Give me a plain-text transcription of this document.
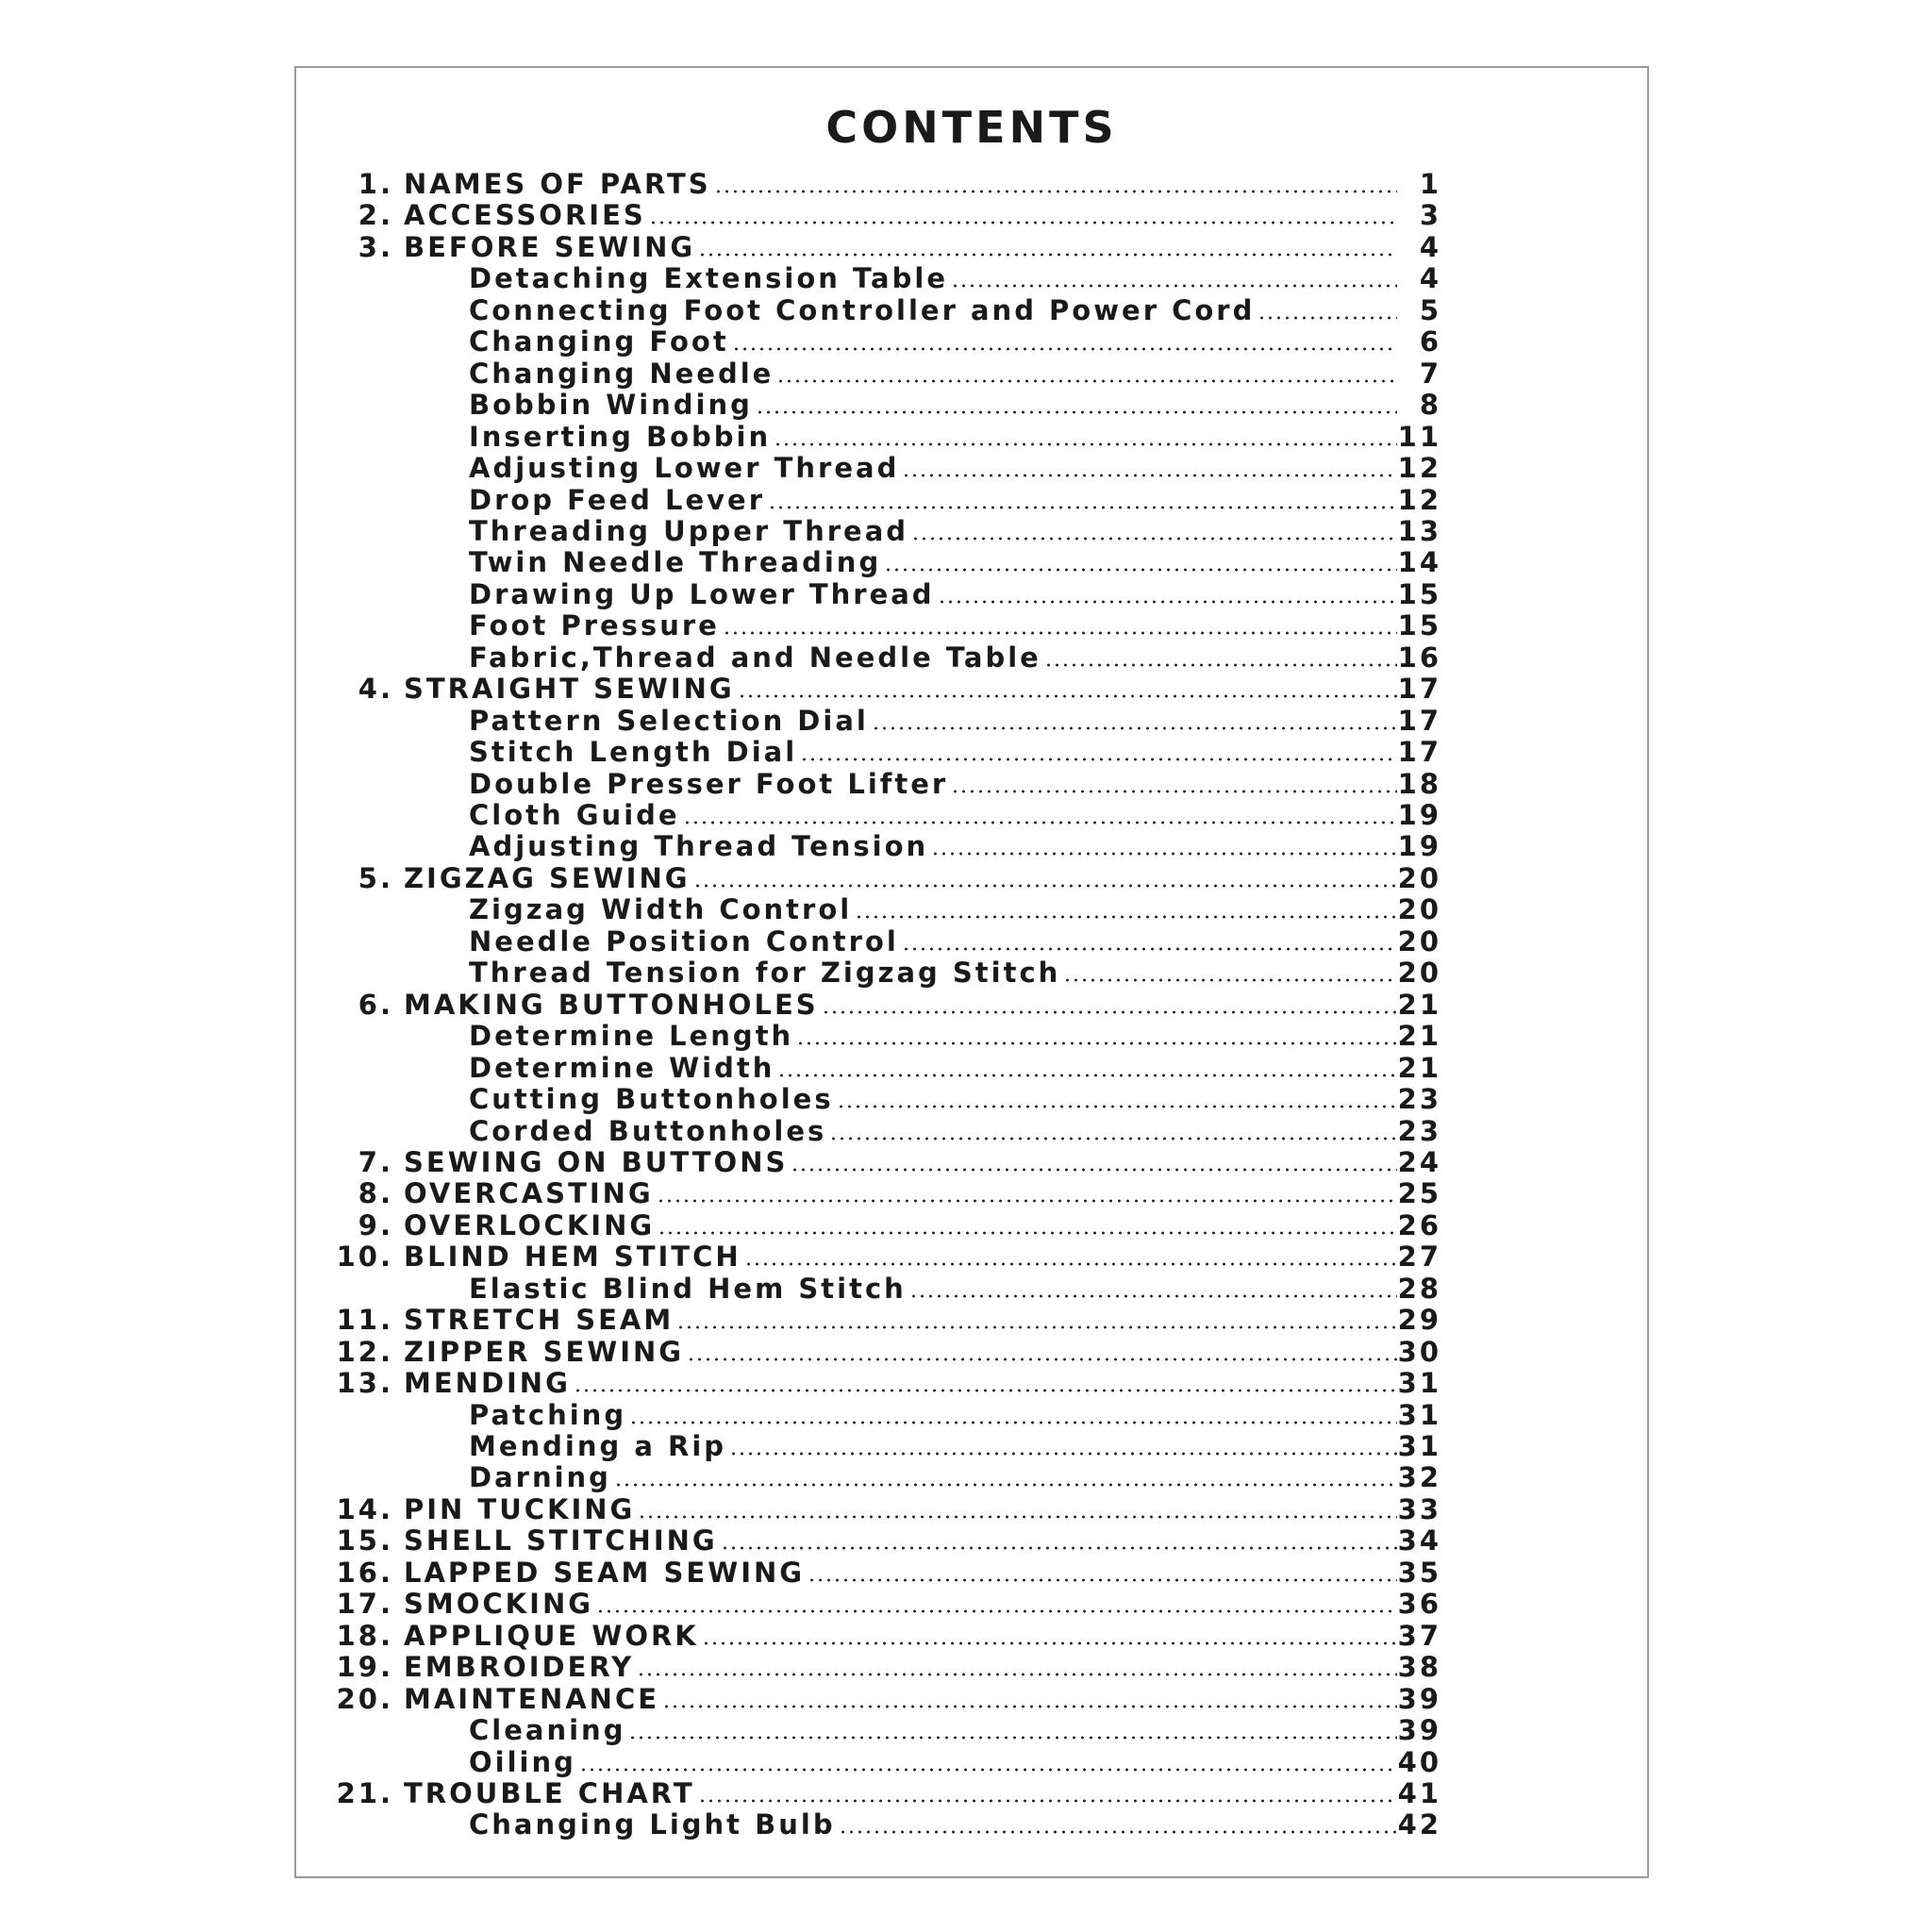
CONTENTS
1. NAMES OF PARTS	1
2. ACCESSORIES	3
3. BEFORE SEWING	4
Detaching Extension Table	4
Connecting Foot Controller and Power Cord	5
Changing Foot	6
Changing Needle	7
Bobbin Winding	8
Inserting Bobbin	11
Adjusting Lower Thread	12
Drop Feed Lever	12
Threading Upper Thread	13
Twin Needle Threading	14
Drawing Up Lower Thread	15
Foot Pressure	15
Fabric,Thread and Needle Table	16
4. STRAIGHT SEWING	17
Pattern Selection Dial	17
Stitch Length Dial	17
Double Presser Foot Lifter	18
Cloth Guide	19
Adjusting Thread Tension	19
5. ZIGZAG SEWING	20
Zigzag Width Control	20
Needle Position Control	20
Thread Tension for Zigzag Stitch	20
6. MAKING BUTTONHOLES	21
Determine Length	21
Determine Width	21
Cutting Buttonholes	23
Corded Buttonholes	23
7. SEWING ON BUTTONS	24
8. OVERCASTING	25
9. OVERLOCKING	26
10. BLIND HEM STITCH	27
Elastic Blind Hem Stitch	28
11. STRETCH SEAM	29
12. ZIPPER SEWING	30
13. MENDING	31
Patching	31
Mending a Rip	31
Darning	32
14. PIN TUCKING	33
15. SHELL STITCHING	34
16. LAPPED SEAM SEWING	35
17. SMOCKING	36
18. APPLIQUE WORK	37
19. EMBROIDERY	38
20. MAINTENANCE	39
Cleaning	39
Oiling	40
21. TROUBLE CHART	41
Changing Light Bulb	42
